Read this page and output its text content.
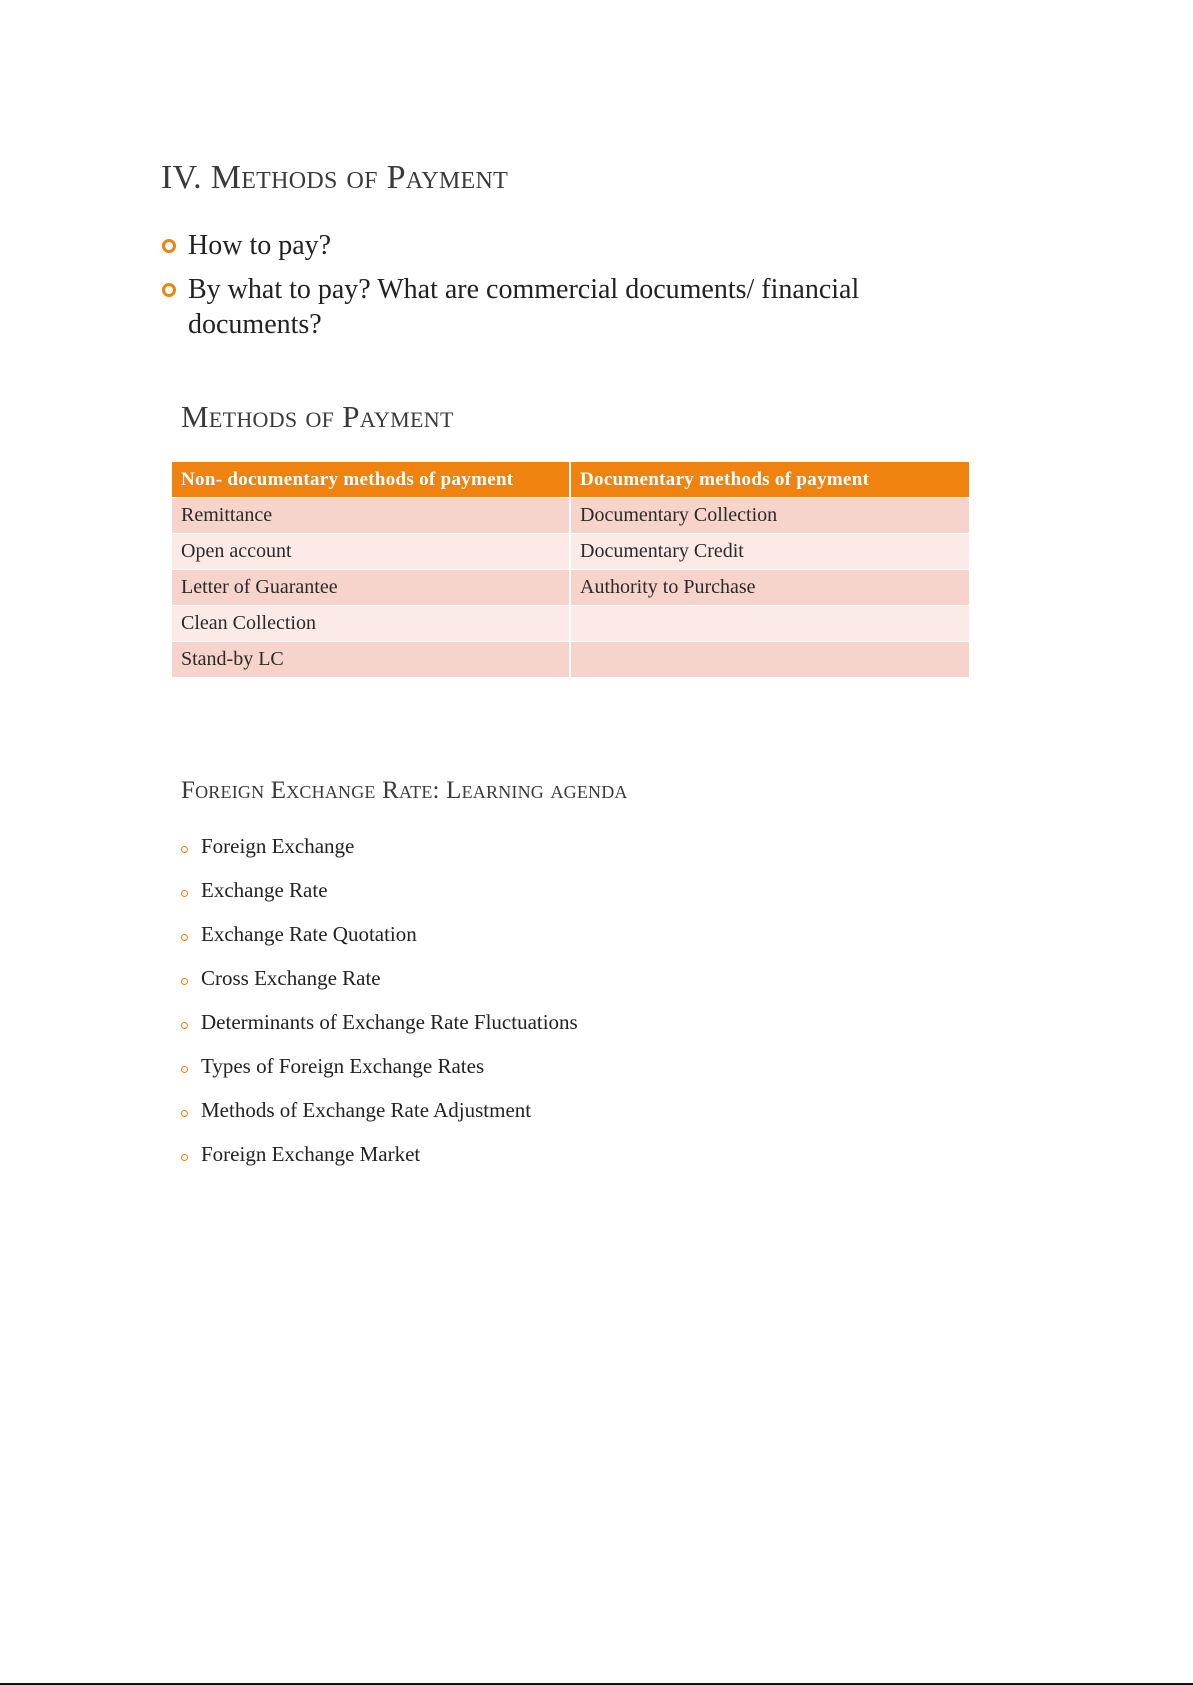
IV. Methods of Payment
How to pay?
By what to pay? What are commercial documents/ financial documents?
Methods of Payment
Non- documentary methods of payment	Documentary methods of payment
Remittance	Documentary Collection
Open account	Documentary Credit
Letter of Guarantee	Authority to Purchase
Clean Collection	
Stand-by LC	
Foreign Exchange Rate: Learning agenda
Foreign Exchange
Exchange Rate
Exchange Rate Quotation
Cross Exchange Rate
Determinants of Exchange Rate Fluctuations
Types of Foreign Exchange Rates
Methods of Exchange Rate Adjustment
Foreign Exchange Market
